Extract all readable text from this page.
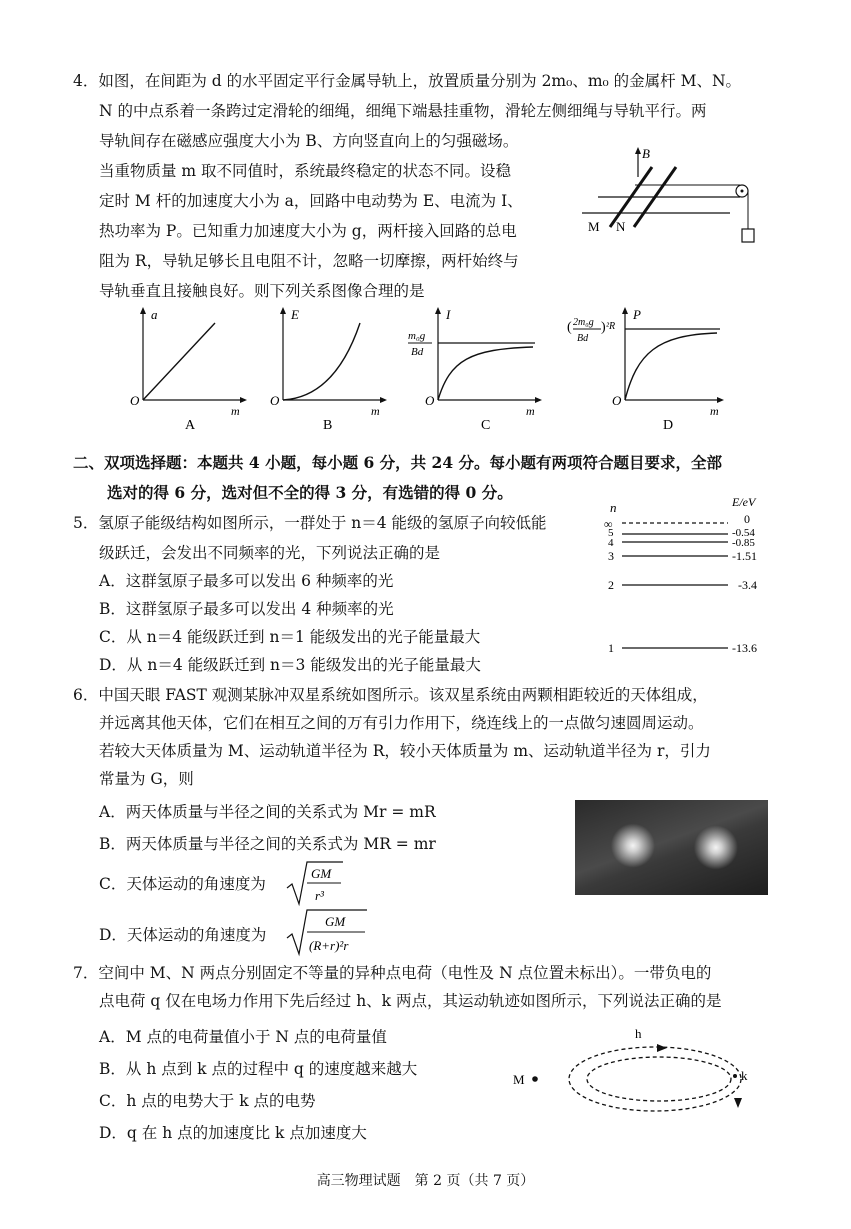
4．如图，在间距为 d 的水平固定平行金属导轨上，放置质量分别为 2m₀、m₀ 的金属杆 M、N。
N 的中点系着一条跨过定滑轮的细绳，细绳下端悬挂重物，滑轮左侧细绳与导轨平行。两
导轨间存在磁感应强度大小为 B、方向竖直向上的匀强磁场。
当重物质量 m 取不同值时，系统最终稳定的状态不同。设稳
定时 M 杆的加速度大小为 a，回路中电动势为 E、电流为 I、
热功率为 P。已知重力加速度大小为 g，两杆接入回路的总电
阻为 R，导轨足够长且电阻不计，忽略一切摩擦，两杆始终与
导轨垂直且接触良好。则下列关系图像合理的是
B
M N
a
m
O
A
E
m
O
B
I
m₀g
Bd
m
O
C
P
( 2m₀g
Bd
) ²R
m
O
D
二、双项选择题：本题共 4 小题，每小题 6 分，共 24 分。每小题有两项符合题目要求，全部
选对的得 6 分，选对但不全的得 3 分，有选错的得 0 分。
5．氢原子能级结构如图所示，一群处于 n＝4 能级的氢原子向较低能
级跃迁，会发出不同频率的光，下列说法正确的是
A．这群氢原子最多可以发出 6 种频率的光
B．这群氢原子最多可以发出 4 种频率的光
C．从 n＝4 能级跃迁到 n＝1 能级发出的光子能量最大
D．从 n＝4 能级跃迁到 n＝3 能级发出的光子能量最大
n	E/eV
∞	0
5	-0.54
4	-0.85
3	-1.51
2	-3.4
1	-13.6
6．中国天眼 FAST 观测某脉冲双星系统如图所示。该双星系统由两颗相距较近的天体组成，
并远离其他天体，它们在相互之间的万有引力作用下，绕连线上的一点做匀速圆周运动。
若较大天体质量为 M、运动轨道半径为 R，较小天体质量为 m、运动轨道半径为 r，引力
常量为 G，则
A．两天体质量与半径之间的关系式为 Mr = mR
B．两天体质量与半径之间的关系式为 MR = mr
C．天体运动的角速度为
GM
r³
D．天体运动的角速度为
GM
(R+r)²r
7．空间中 M、N 两点分别固定不等量的异种点电荷（电性及 N 点位置未标出）。一带负电的
点电荷 q 仅在电场力作用下先后经过 h、k 两点，其运动轨迹如图所示，下列说法正确的是
A．M 点的电荷量值小于 N 点的电荷量值
B．从 h 点到 k 点的过程中 q 的速度越来越大
C．h 点的电势大于 k 点的电势
D．q 在 h 点的加速度比 k 点加速度大
M
h
k
高三物理试题　第 2 页（共 7 页）
